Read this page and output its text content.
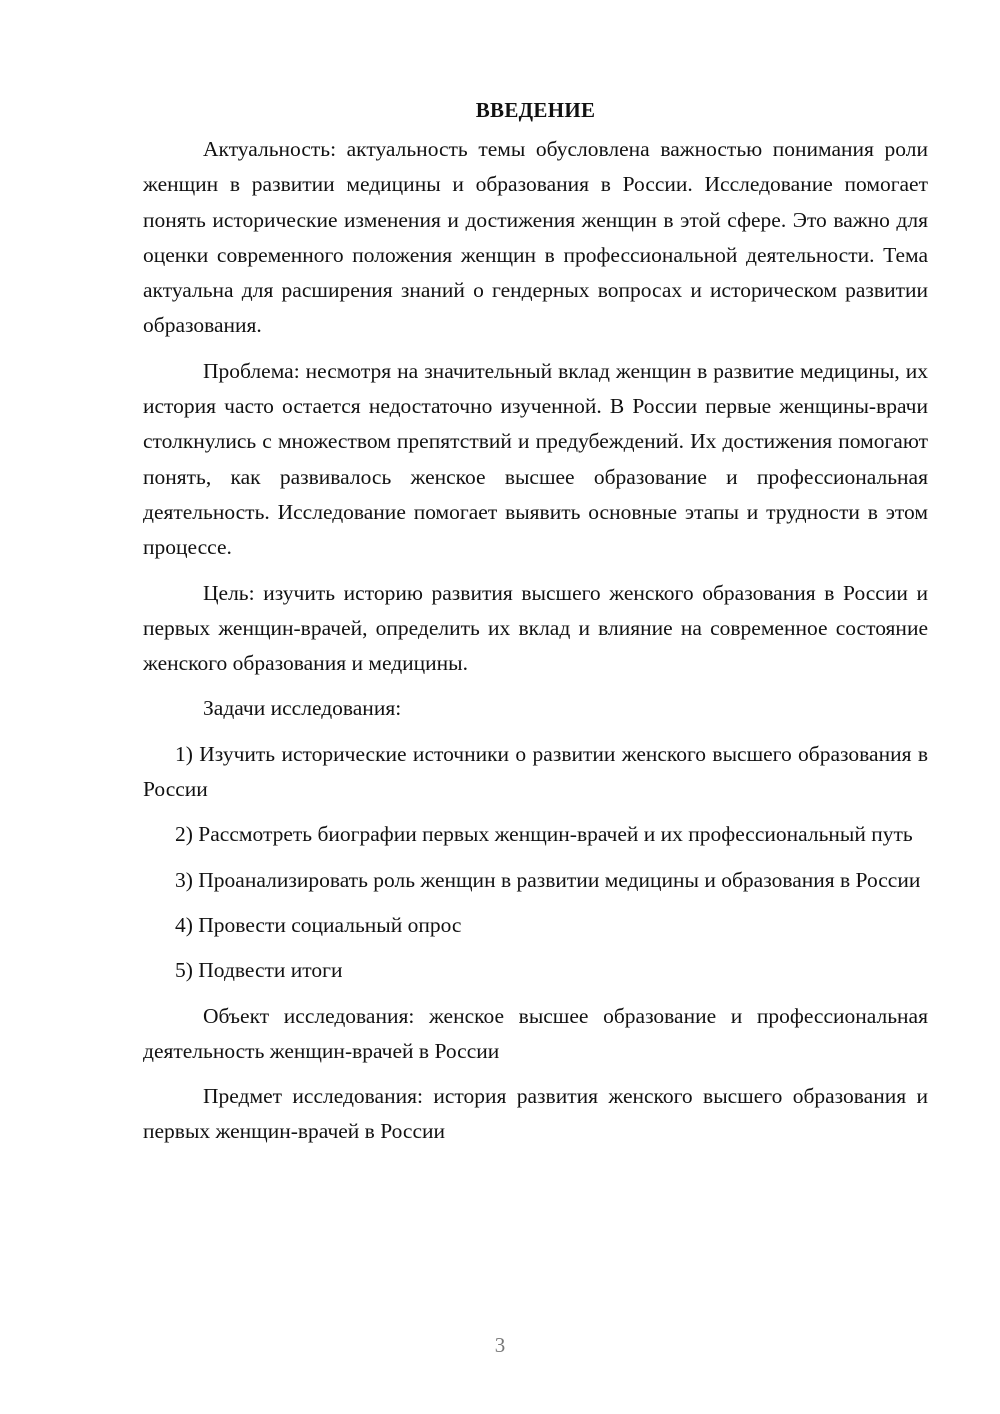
ВВЕДЕНИЕ

Актуальность: актуальность темы обусловлена важностью понимания роли женщин в развитии медицины и образования в России. Исследование помогает понять исторические изменения и достижения женщин в этой сфере. Это важно для оценки современного положения женщин в профессиональной деятельности. Тема актуальна для расширения знаний о гендерных вопросах и историческом развитии образования.

Проблема: несмотря на значительный вклад женщин в развитие медицины, их история часто остается недостаточно изученной. В России первые женщины-врачи столкнулись с множеством препятствий и предубеждений. Их достижения помогают понять, как развивалось женское высшее образование и профессиональная деятельность. Исследование помогает выявить основные этапы и трудности в этом процессе.

Цель: изучить историю развития высшего женского образования в России и первых женщин-врачей, определить их вклад и влияние на современное состояние женского образования и медицины.

Задачи исследования:

1) Изучить исторические источники о развитии женского высшего образования в России

2) Рассмотреть биографии первых женщин-врачей и их профессиональный путь

3) Проанализировать роль женщин в развитии медицины и образования в России

4) Провести социальный опрос

5) Подвести итоги

Объект исследования: женское высшее образование и профессиональная деятельность женщин-врачей в России

Предмет исследования: история развития женского высшего образования и первых женщин-врачей в России

3
